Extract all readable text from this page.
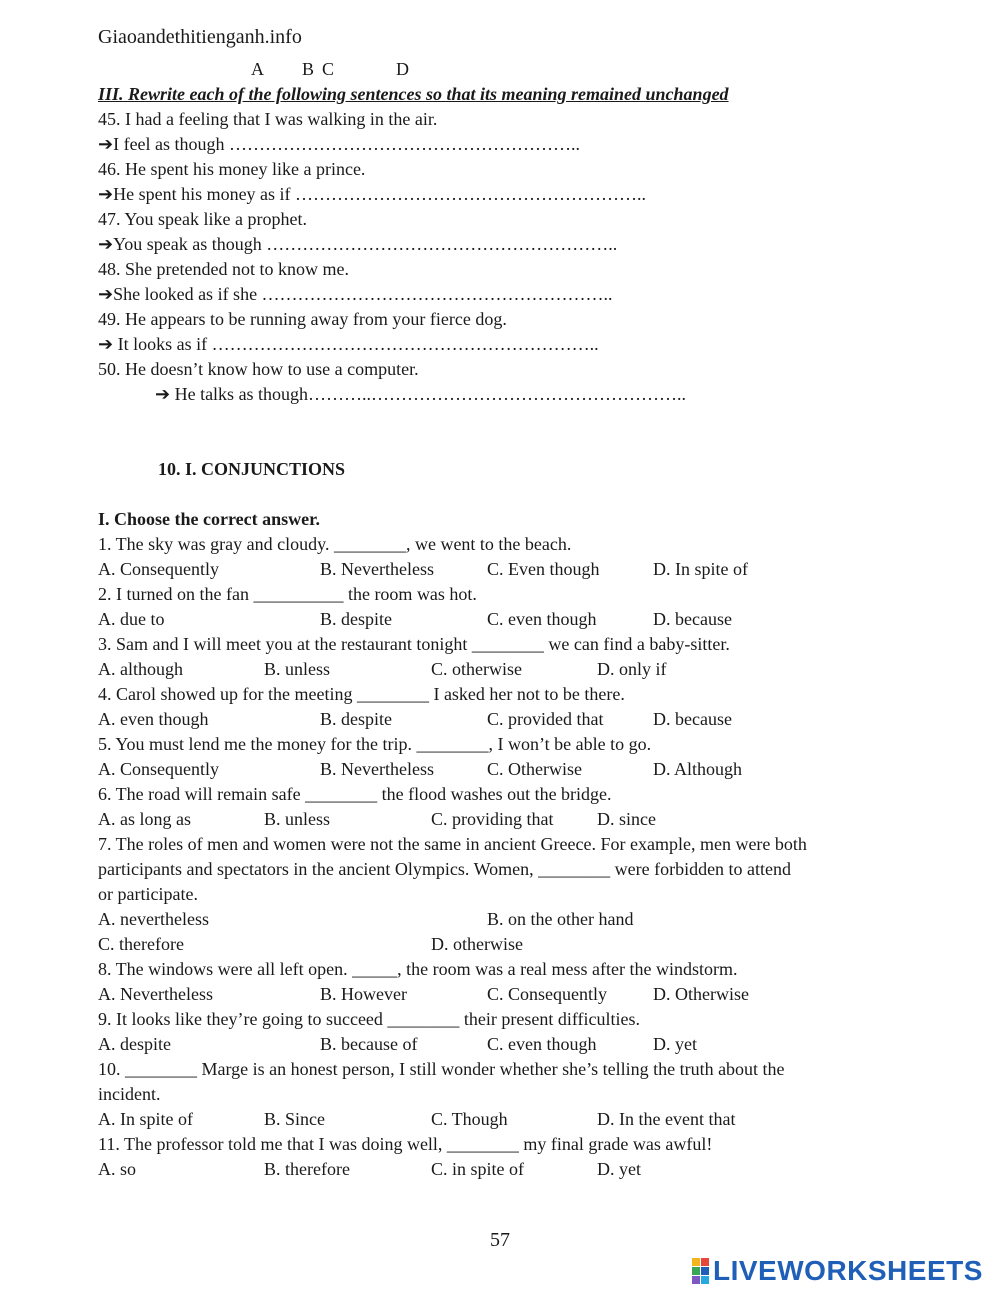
Giaoandethitienganh.info
A B C	D
III. Rewrite each of the following sentences so that its meaning remained unchanged
45. I had a feeling that I was walking in the air.
➔I feel as though …………………………………………………..
46. He spent his money like a prince.
➔He spent his money as if …………………………………………………..
47. You speak like a prophet.
➔You speak as though …………………………………………………..
48. She pretended not to know me.
➔She looked as if she …………………………………………………..
49. He appears to be running away from your fierce dog.
➔ It looks as if ………………………………………………………..
50. He doesn’t know how to use a computer.
➔ He talks as though………..……………………………………………..
10. I. CONJUNCTIONS
I. Choose the correct answer.
1. The sky was gray and cloudy. ________, we went to the beach.
A. Consequently	B. Nevertheless	C. Even though	D. In spite of
2. I turned on the fan __________ the room was hot.
A. due to	B. despite	C. even though	D. because
3. Sam and I will meet you at the restaurant tonight ________ we can find a baby-sitter.
A. although	B. unless	C. otherwise	D. only if
4. Carol showed up for the meeting ________ I asked her not to be there.
A. even though	B. despite	C. provided that	D. because
5. You must lend me the money for the trip. ________, I won’t be able to go.
A. Consequently	B. Nevertheless	C. Otherwise	D. Although
6. The road will remain safe ________ the flood washes out the bridge.
A. as long as	B. unless	C. providing that D. since
7. The roles of men and women were not the same in ancient Greece. For example, men were both
participants and spectators in the ancient Olympics. Women, ________ were forbidden to attend
or participate.
A. nevertheless	B. on the other hand
C. therefore	D. otherwise
8. The windows were all left open. _____, the room was a real mess after the windstorm.
A. Nevertheless	B. However	C. Consequently	D. Otherwise
9. It looks like they’re going to succeed ________ their present difficulties.
A. despite	B. because of	C. even though	D. yet
10. ________ Marge is an honest person, I still wonder whether she’s telling the truth about the
incident.
A. In spite of	B. Since	C. Though	D. In the event that
11. The professor told me that I was doing well, ________ my final grade was awful!
A. so	B. therefore	C. in spite of	D. yet
57
LIVEWORKSHEETS
